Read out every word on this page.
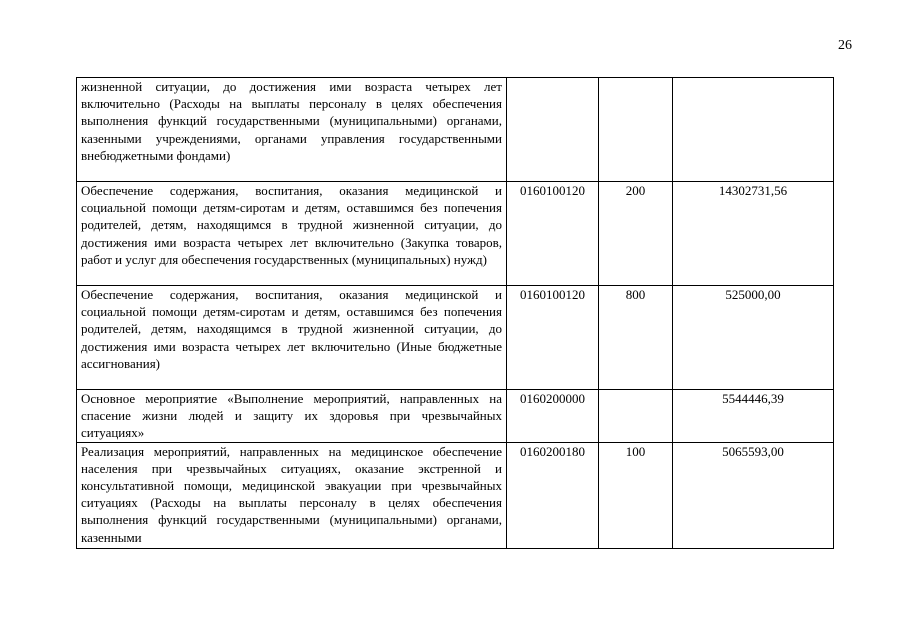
26
жизненной ситуации, до достижения ими возраста четырех лет включительно (Расходы на выплаты персоналу в целях обеспечения выполнения функций государственными (муниципальными) органами, казенными учреждениями, органами управления государственными внебюджетными фондами)			
Обеспечение содержания, воспитания, оказания медицинской и социальной помощи детям-сиротам и детям, оставшимся без попечения родителей, детям, находящимся в трудной жизненной ситуации, до достижения ими возраста четырех лет включительно (Закупка товаров, работ и услуг для обеспечения государственных (муниципальных) нужд)	0160100120	200	14302731,56
Обеспечение содержания, воспитания, оказания медицинской и социальной помощи детям-сиротам и детям, оставшимся без попечения родителей, детям, находящимся в трудной жизненной ситуации, до достижения ими возраста четырех лет включительно (Иные бюджетные ассигнования)	0160100120	800	525000,00
Основное мероприятие «Выполнение мероприятий, направленных на спасение жизни людей и защиту их здоровья при чрезвычайных ситуациях»	0160200000		5544446,39
Реализация мероприятий, направленных на медицинское обеспечение населения при чрезвычайных ситуациях, оказание экстренной и консультативной помощи, медицинской эвакуации при чрезвычайных ситуациях (Расходы на выплаты персоналу в целях обеспечения выполнения функций государственными (муниципальными) органами, казенными	0160200180	100	5065593,00
